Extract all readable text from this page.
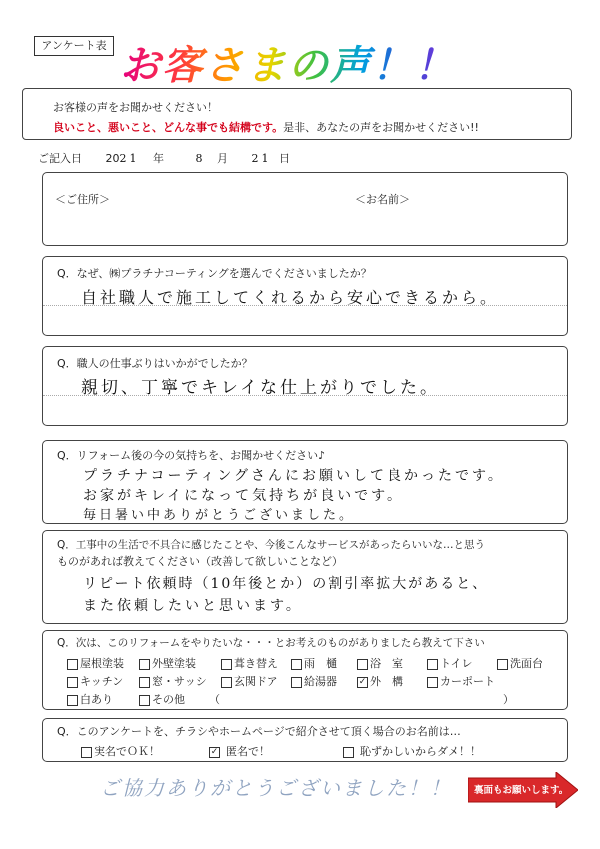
アンケート表 お客さまの声！！
お客様の声をお聞かせください！
良いこと、悪いこと、どんな事でも結構です。是非、あなたの声をお聞かせください!!
ご記入日 2021 年	8 月 21 日
＜ご住所＞	＜お名前＞
Q．なぜ、㈱プラチナコーティングを選んでくださいましたか？
自社職人で施工してくれるから安心できるから。
Q．職人の仕事ぶりはいかがでしたか？
親切、丁寧でキレイな仕上がりでした。
Q．リフォーム後の今の気持ちを、お聞かせください♪
プラチナコーティングさんにお願いして良かったです。
お家がキレイになって気持ちが良いです。
毎日暑い中ありがとうございました。
Q．工事中の生活で不具合に感じたことや、今後こんなサービスがあったらいいな…と思う
ものがあれば教えてください（改善して欲しいことなど）
リピート依頼時（10年後とか）の割引率拡大があると、
また依頼したいと思います。
Q．次は、このリフォームをやりたいな・・・とお考えのものがありましたら教えて下さい
屋根塗装	外壁塗装	葺き替え	雨　樋	浴　室	トイレ	洗面台
キッチン	窓・サッシ	玄関ドア	給湯器 ✓ 外　構	カーポート
白あり	その他 （	）
Q．このアンケートを、チラシやホームページで紹介させて頂く場合のお名前は…
実名でＯＫ！	✓ 匿名で！	恥ずかしいからダメ！！
ご協力ありがとうございました！！ 裏面もお願いします。
